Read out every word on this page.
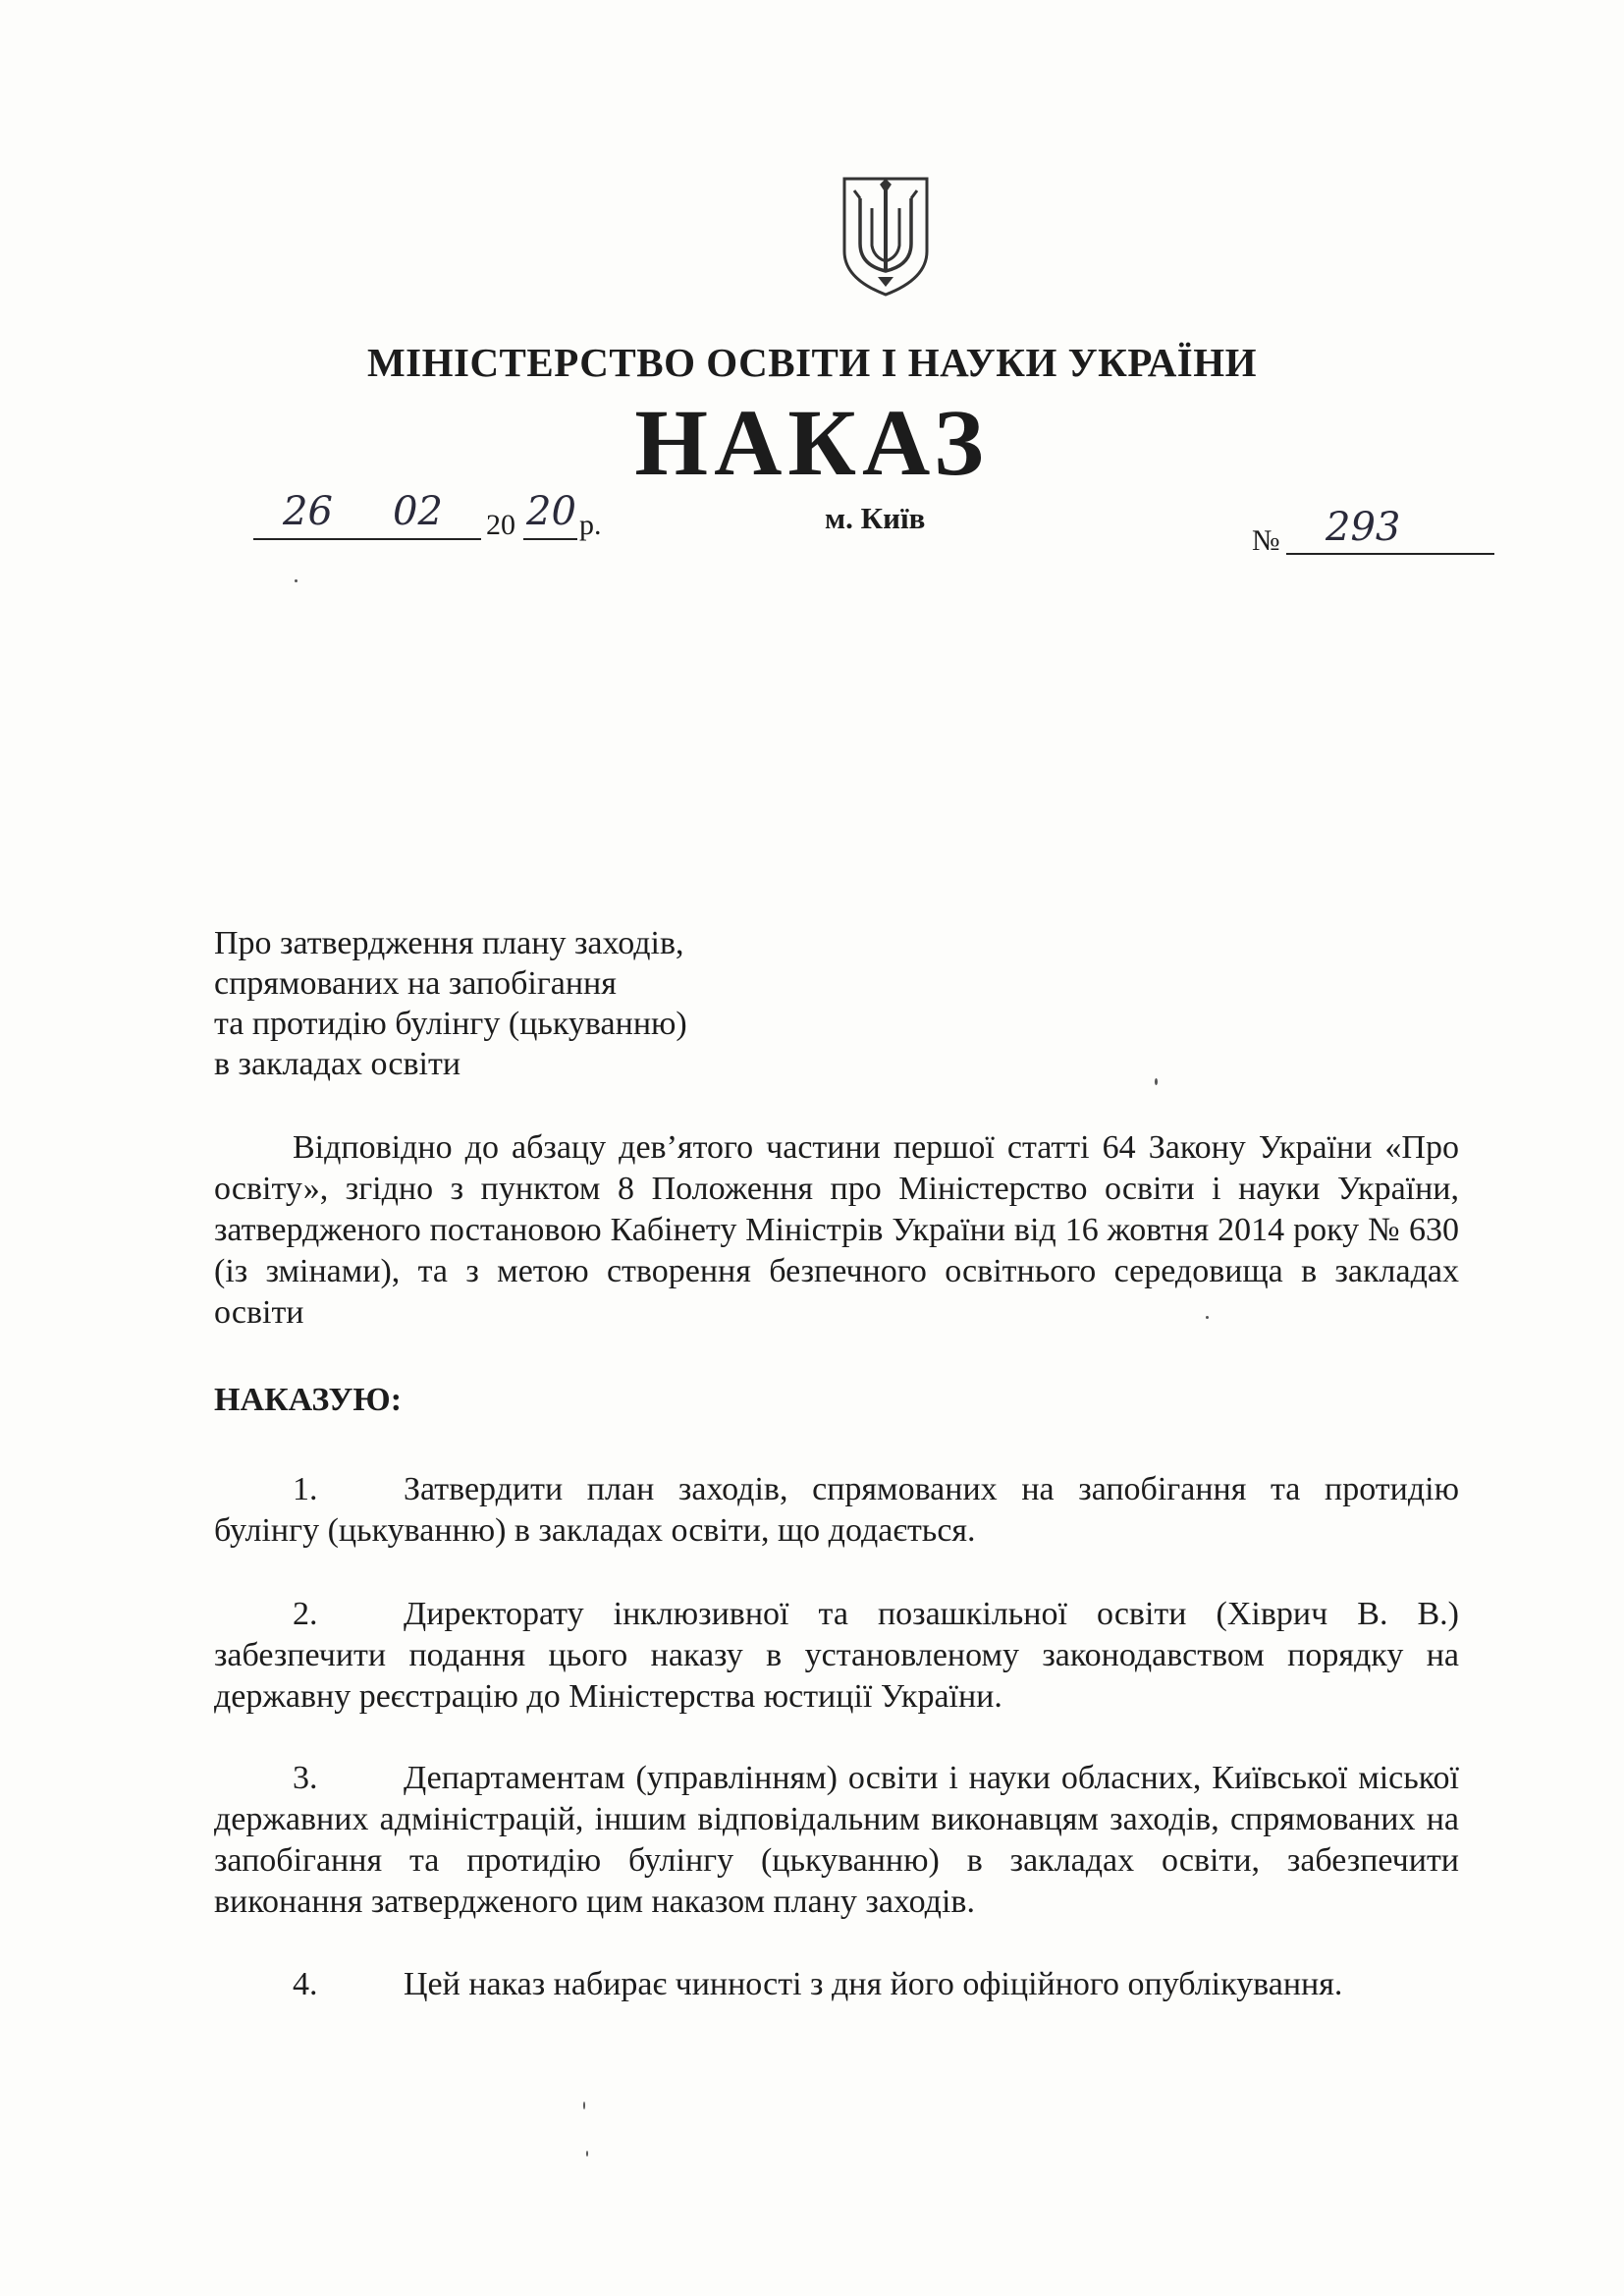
МІНІСТЕРСТВО ОСВІТИ І НАУКИ УКРАЇНИ
НАКАЗ
26 02 20 20 р.	м. Київ
№ 293
Про затвердження плану заходів,
спрямованих на запобігання
та протидію булінгу (цькуванню)
в закладах освіти
Відповідно до абзацу дев’ятого частини першої статті 64 Закону України «Про освіту», згідно з пунктом 8 Положення про Міністерство освіти і науки України, затвердженого постановою Кабінету Міністрів України від 16 жовтня 2014 року № 630 (із змінами), та з метою створення безпечного освітнього середовища в закладах освіти
НАКАЗУЮ:
1.	Затвердити план заходів, спрямованих на запобігання та протидію булінгу (цькуванню) в закладах освіти, що додається.
2.	Директорату інклюзивної та позашкільної освіти (Хіврич В. В.) забезпечити подання цього наказу в установленому законодавством порядку на державну реєстрацію до Міністерства юстиції України.
3.	Департаментам (управлінням) освіти і науки обласних, Київської міської державних адміністрацій, іншим відповідальним виконавцям заходів, спрямованих на запобігання та протидію булінгу (цькуванню) в закладах освіти, забезпечити виконання затвердженого цим наказом плану заходів.
4.	Цей наказ набирає чинності з дня його офіційного опублікування.
